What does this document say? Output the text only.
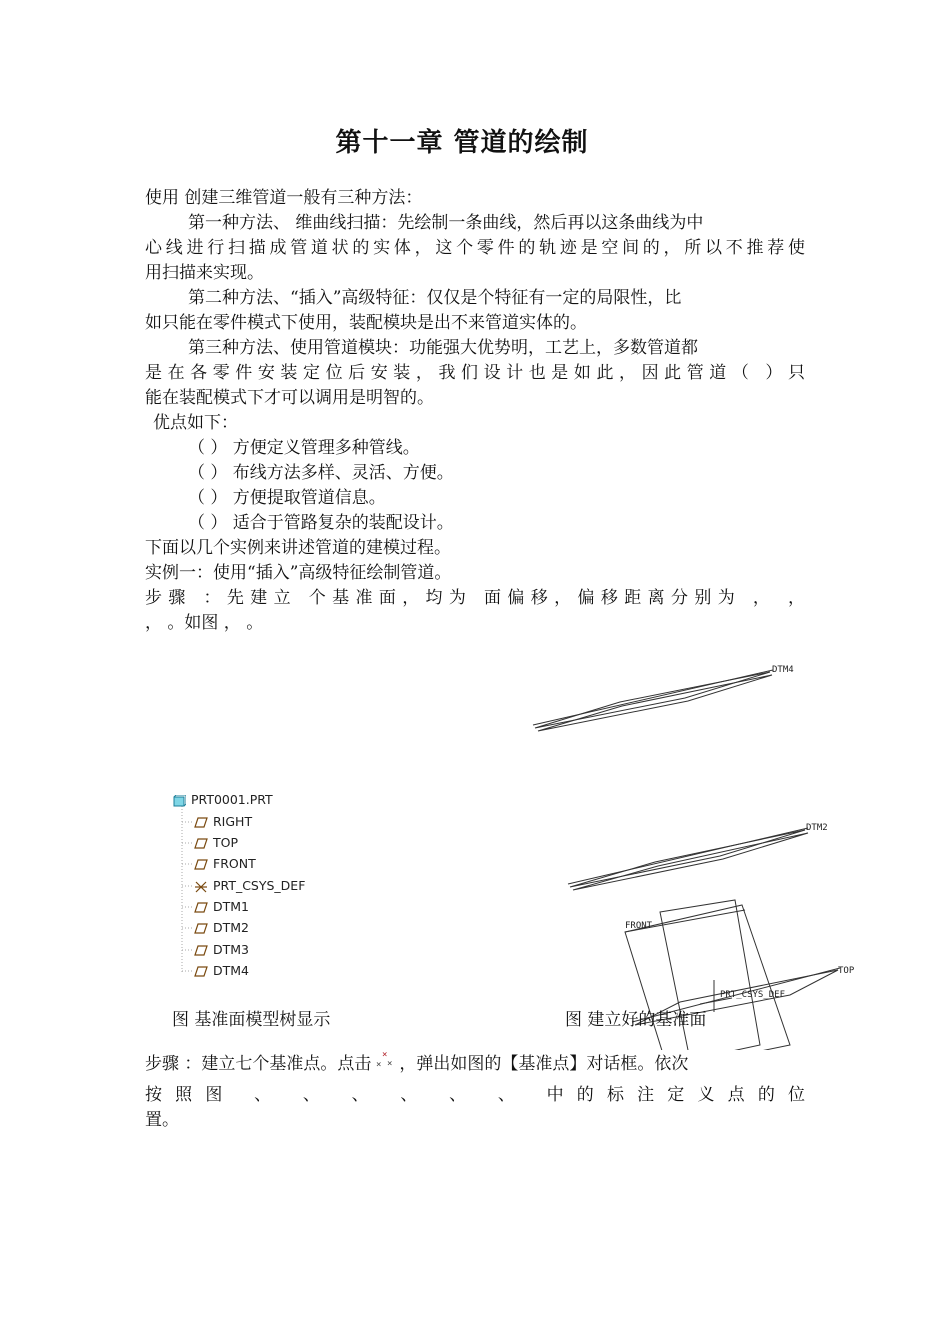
第十一章 管道的绘制
使用 创建三维管道一般有三种方法：
第一种方法、 维曲线扫描：先绘制一条曲线，然后再以这条曲线为中
心线进行扫描成管道状的实体，这个零件的轨迹是空间的，所以不推荐使
用扫描来实现。
第二种方法、“插入”高级特征：仅仅是个特征有一定的局限性，比
如只能在零件模式下使用，装配模块是出不来管道实体的。
第三种方法、使用管道模块：功能强大优势明，工艺上，多数管道都
是在各零件安装定位后安装，我们设计也是如此，因此管道（ ）只
能在装配模式下才可以调用是明智的。
优点如下：
（ ） 方便定义管理多种管线。
（ ） 布线方法多样、灵活、方便。
（ ） 方便提取管道信息。
（ ） 适合于管路复杂的装配设计。
下面以几个实例来讲述管道的建模过程。
实例一：使用“插入”高级特征绘制管道。
步骤 ：先建立 个基准面，均为 面偏移，偏移距离分别为 ， ，
， 。如图 ， 。
DTM4
DTM2
FRONT
TOP
PRT_CSYS_DEF
PRT0001.PRT
RIGHT
TOP
FRONT
PRT_CSYS_DEF
DTM1
DTM2
DTM3
DTM4
图 基准面模型树显示	图 建立好的基准面
步骤 ：建立七个基准点。点击 ×
× × ，弹出如图的【基准点】对话框。依次
按照图 、 、 、 、 、 、 中的标注定义点的位
置。
